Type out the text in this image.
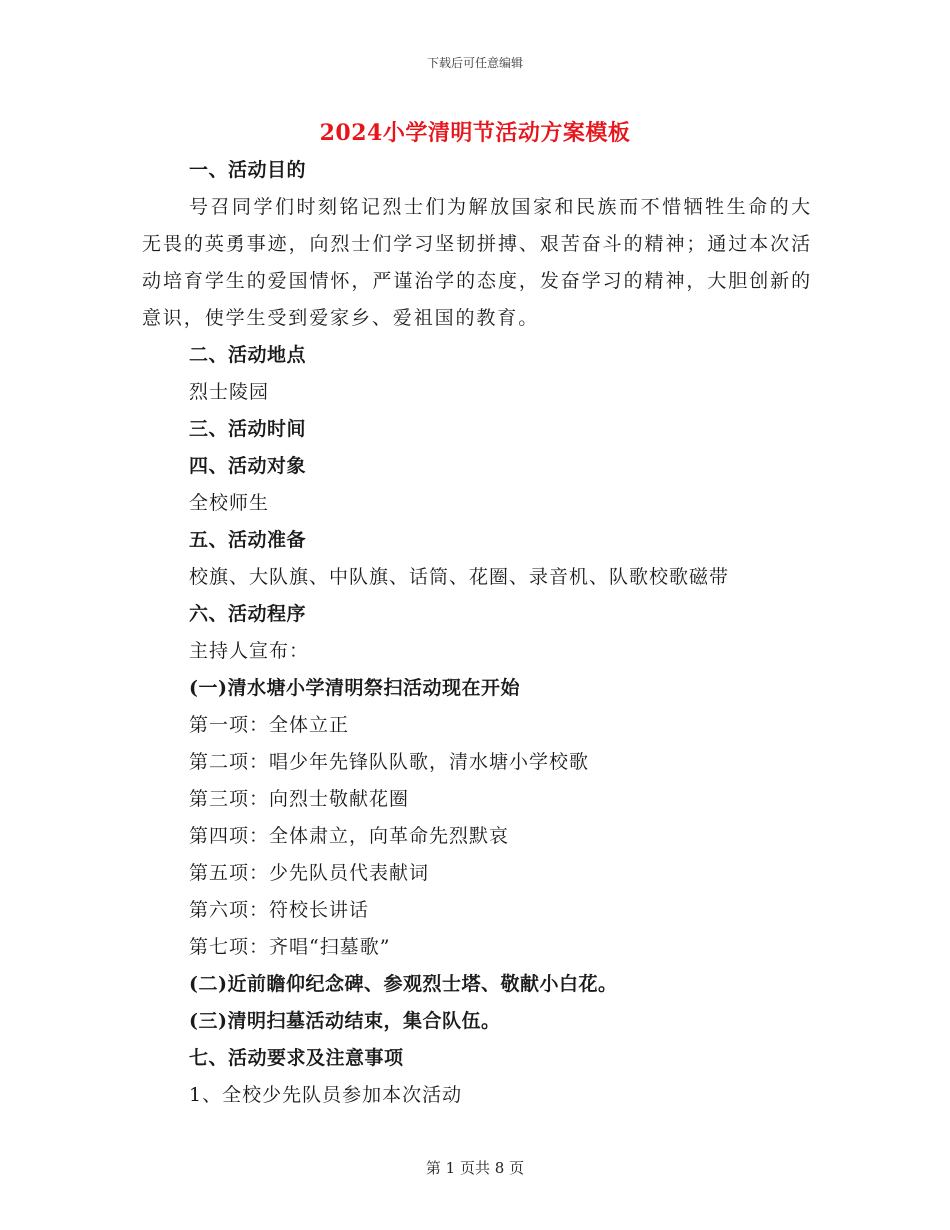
下载后可任意编辑
2024小学清明节活动方案模板
一、活动目的
号召同学们时刻铭记烈士们为解放国家和民族而不惜牺牲生命的大无畏的英勇事迹，向烈士们学习坚韧拼搏、艰苦奋斗的精神；通过本次活动培育学生的爱国情怀，严谨治学的态度，发奋学习的精神，大胆创新的意识，使学生受到爱家乡、爱祖国的教育。
二、活动地点
烈士陵园
三、活动时间
四、活动对象
全校师生
五、活动准备
校旗、大队旗、中队旗、话筒、花圈、录音机、队歌校歌磁带
六、活动程序
主持人宣布：
(一)清水塘小学清明祭扫活动现在开始
第一项：全体立正
第二项：唱少年先锋队队歌，清水塘小学校歌
第三项：向烈士敬献花圈
第四项：全体肃立，向革命先烈默哀
第五项：少先队员代表献词
第六项：符校长讲话
第七项：齐唱“扫墓歌”
(二)近前瞻仰纪念碑、参观烈士塔、敬献小白花。
(三)清明扫墓活动结束，集合队伍。
七、活动要求及注意事项
1、全校少先队员参加本次活动
第 1 页共 8 页
